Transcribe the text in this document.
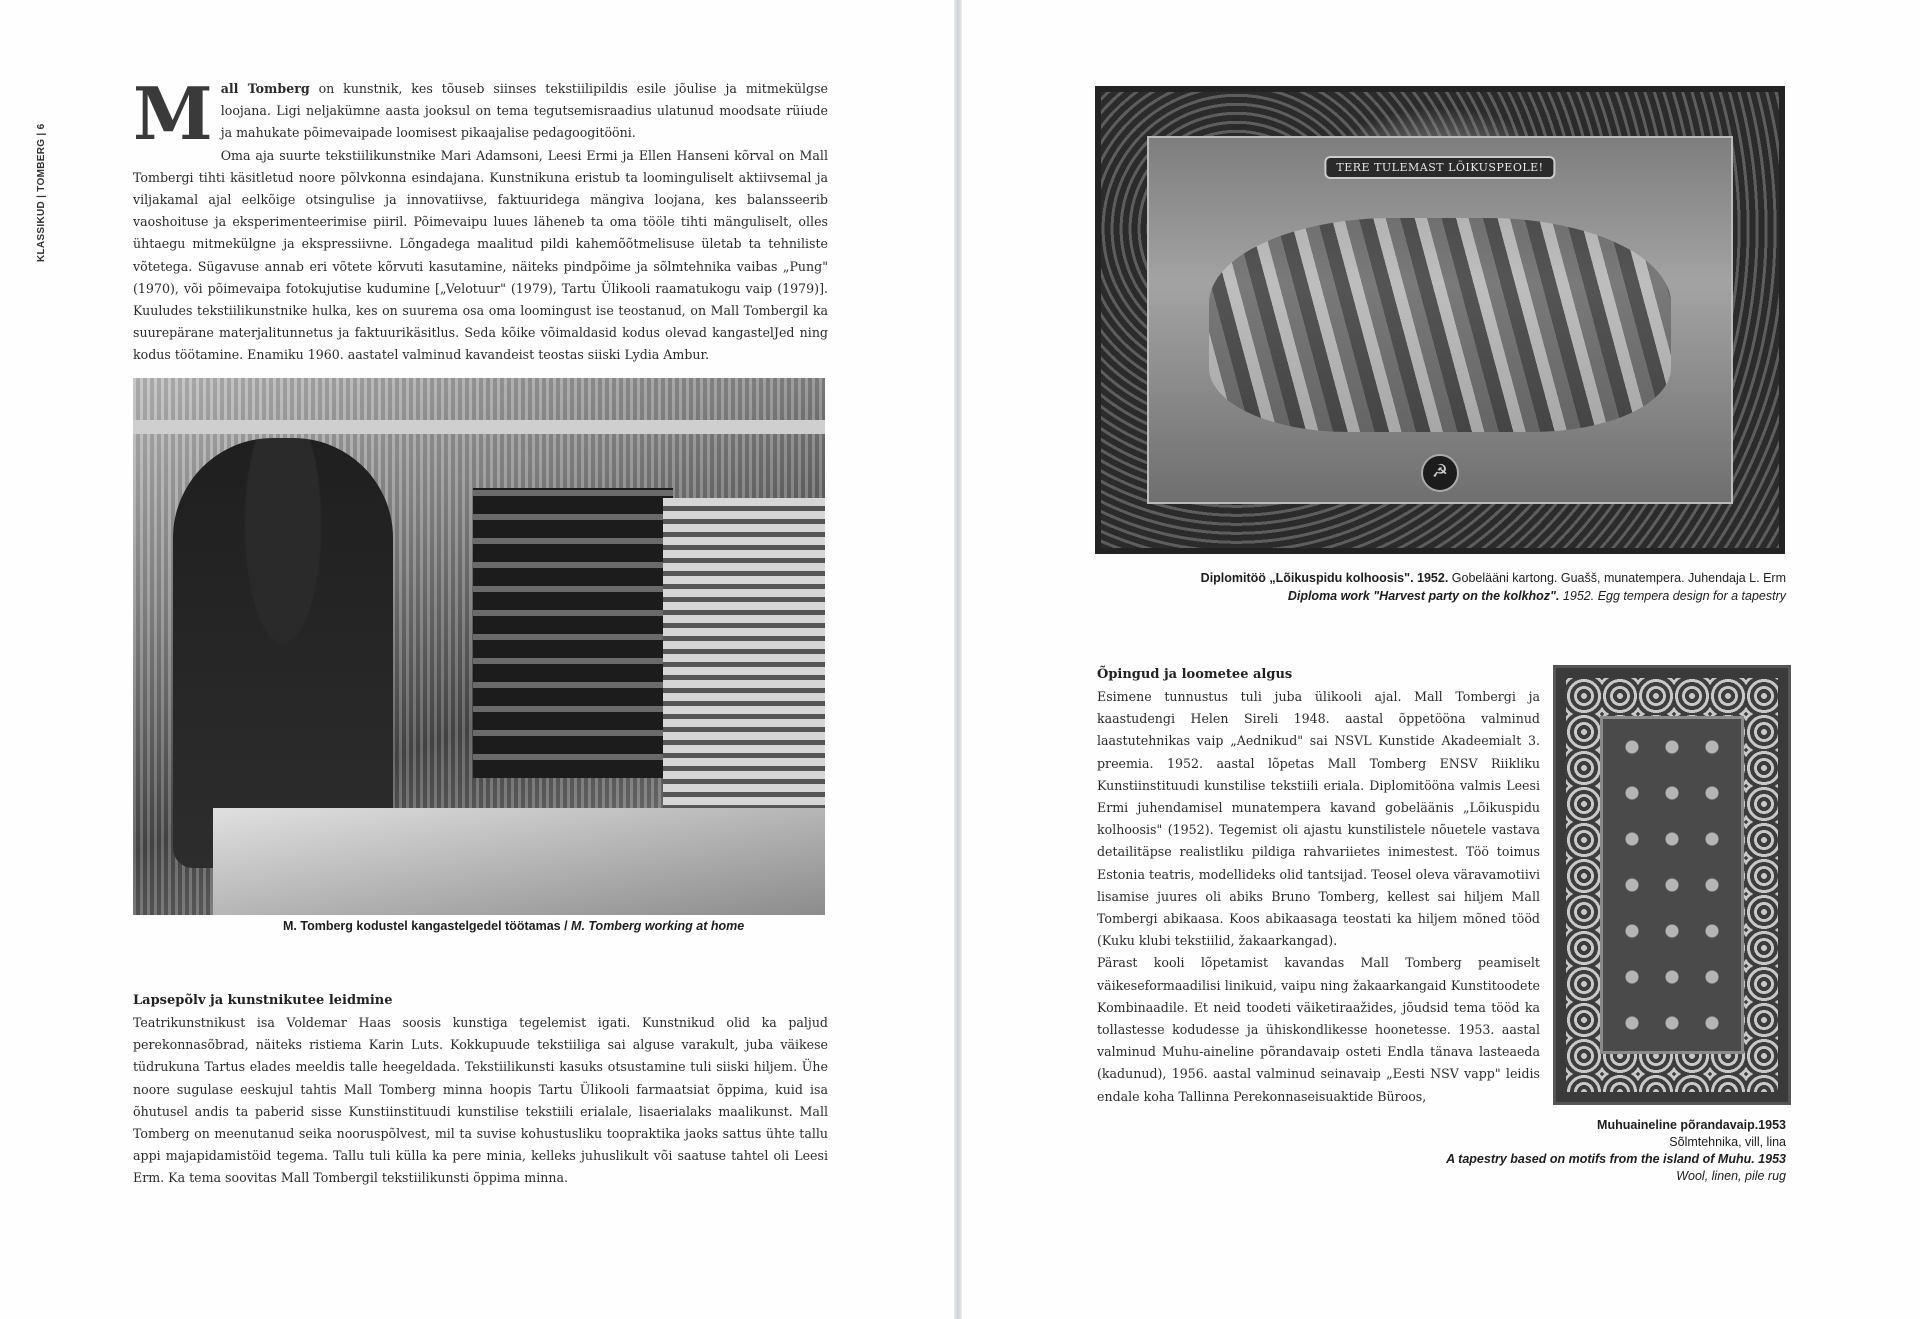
KLASSIKUD | TOMBERG | 6
M all Tomberg on kunstnik, kes tõuseb siinses tekstiilipildis esile jõulise ja mitmekülgse loojana. Ligi neljakümne aasta jooksul on tema tegutsemisraadius ulatunud moodsate rüiude ja mahukate põimevaipade loomisest pikaajalise pedagoogitööni.

Oma aja suurte tekstiilikunstnike Mari Adamsoni, Leesi Ermi ja Ellen Hanseni kõrval on Mall Tombergi tihti käsitletud noore põlvkonna esindajana. Kunstnikuna eristub ta loominguliselt aktiivsemal ja viljakamal ajal eelkõige otsingulise ja innovatiivse, faktuuridega mängiva loojana, kes balansseerib vaoshoituse ja eksperimenteerimise piiril. Põimevaipu luues läheneb ta oma tööle tihti mänguliselt, olles ühtaegu mitmekülgne ja ekspressiivne. Lõngadega maalitud pildi kahemõõtmelisuse ületab ta tehniliste võtetega. Sügavuse annab eri võtete kõrvuti kasutamine, näiteks pindpõime ja sõlmtehnika vaibas „Pung" (1970), või põimevaipa fotokujutise kudumine [„Velotuur" (1979), Tartu Ülikooli raamatukogu vaip (1979)]. Kuuludes tekstiilikunstnike hulka, kes on suurema osa oma loomingust ise teostanud, on Mall Tombergil ka suurepärane materjalitunnetus ja faktuurikäsitlus. Seda kõike võimaldasid kodus olevad kangastelJed ning kodus töötamine. Enamiku 1960. aastatel valminud kavandeist teostas siiski Lydia Ambur.

M. Tomberg kodustel kangastelgedel töötamas / M. Tomberg working at home
Lapsepõlv ja kunstnikutee leidmine

Teatrikunstnikust isa Voldemar Haas soosis kunstiga tegelemist igati. Kunstnikud olid ka paljud perekonnasõbrad, näiteks ristiema Karin Luts. Kokkupuude tekstiiliga sai alguse varakult, juba väikese tüdrukuna Tartus elades meeldis talle heegeldada. Tekstiilikunsti kasuks otsustamine tuli siiski hiljem. Ühe noore sugulase eeskujul tahtis Mall Tomberg minna hoopis Tartu Ülikooli farmaatsiat õppima, kuid isa õhutusel andis ta paberid sisse Kunstiinstituudi kunstilise tekstiili erialale, lisaerialaks maalikunst. Mall Tomberg on meenutanud seika nooruspõlvest, mil ta suvise kohustusliku toopraktika jaoks sattus ühte tallu appi majapidamistöid tegema. Tallu tuli külla ka pere minia, kelleks juhuslikult või saatuse tahtel oli Leesi Erm. Ka tema soovitas Mall Tombergil tekstiilikunsti õppima minna.

TERE TULEMAST LÕIKUSPEOLE!
☭
Diplomitöö „Lõikuspidu kolhoosis". 1952. Gobeläänі kartong. Guašš, munatempera. Juhendaja L. Erm
Diploma work "Harvest party on the kolkhoz". 1952. Egg tempera design for a tapestry
Õpingud ja loometee algus

Esimene tunnustus tuli juba ülikooli ajal. Mall Tombergi ja kaastudengi Helen Sireli 1948. aastal õppetööna valminud laastutehnikas vaip „Aednikud" sai NSVL Kunstide Akadeemialt 3. preemia. 1952. aastal lõpetas Mall Tomberg ENSV Riikliku Kunstiinstituudi kunstilise tekstiili eriala. Diplomitööna valmis Leesi Ermi juhendamisel munatempera kavand gobeläänis „Lõikuspidu kolhoosis" (1952). Tegemist oli ajastu kunstilistele nõuetele vastava detailitäpse realistliku pildiga rahvariietes inimestest. Töö toimus Estonia teatris, modellideks olid tantsijad. Teosel oleva väravamotiivi lisamise juures oli abiks Bruno Tomberg, kellest sai hiljem Mall Tombergi abikaasa. Koos abikaasaga teostati ka hiljem mõned tööd (Kuku klubi tekstiilid, žakaarkangad).

Pärast kooli lõpetamist kavandas Mall Tomberg peamiselt väikeseformaadilisi linikuid, vaipu ning žakaarkangaid Kunstitoodete Kombinaadile. Et neid toodeti väiketiraažides, jõudsid tema tööd ka tollastesse kodudesse ja ühiskondlikesse hoonetesse. 1953. aastal valminud Muhu-aineline põrandavaip osteti Endla tänava lasteaeda (kadunud), 1956. aastal valminud seinavaip „Eesti NSV vapp" leidis endale koha Tallinna Perekonnaseisuaktide Büroos,

Muhuaineline põrandavaip.1953
Sõlmtehnika, vill, lina
A tapestry based on motifs from the island of Muhu. 1953
Wool, linen, pile rug
